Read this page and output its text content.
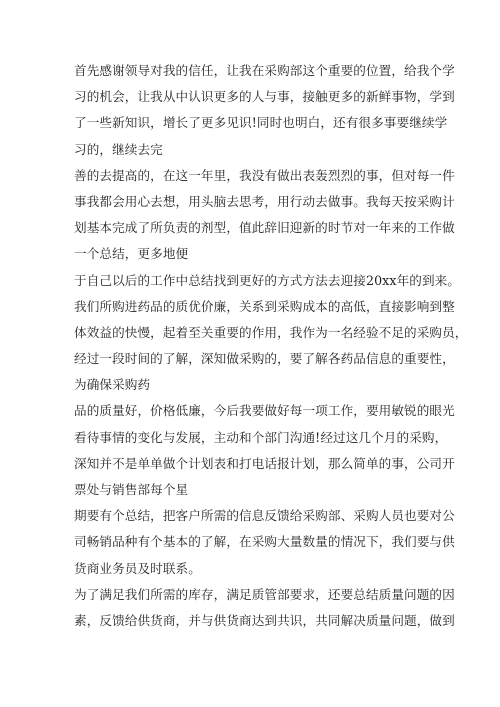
首先感谢领导对我的信任，让我在采购部这个重要的位置，给我个学
习的机会，让我从中认识更多的人与事，接触更多的新鲜事物，学到
了一些新知识，增长了更多见识!同时也明白，还有很多事要继续学
习的，继续去完
善的去提高的，在这一年里，我没有做出表轰烈烈的事，但对每一件
事我都会用心去想，用头脑去思考，用行动去做事。我每天按采购计
划基本完成了所负责的剂型，值此辞旧迎新的时节对一年来的工作做
一个总结，更多地便
于自己以后的工作中总结找到更好的方式方法去迎接20xx年的到来。
我们所购进药品的质优价廉，关系到采购成本的高低，直接影响到整
体效益的快慢，起着至关重要的作用，我作为一名经验不足的采购员，
经过一段时间的了解，深知做采购的，要了解各药品信息的重要性，
为确保采购药
品的质量好，价格低廉，今后我要做好每一项工作，要用敏锐的眼光
看待事情的变化与发展，主动和个部门沟通!经过这几个月的采购，
深知并不是单单做个计划表和打电话报计划，那么简单的事，公司开
票处与销售部每个星
期要有个总结，把客户所需的信息反馈给采购部、采购人员也要对公
司畅销品种有个基本的了解，在采购大量数量的情况下，我们要与供
货商业务员及时联系。
为了满足我们所需的库存，满足质管部要求，还要总结质量问题的因
素，反馈给供货商，并与供货商达到共识，共同解决质量问题，做到
